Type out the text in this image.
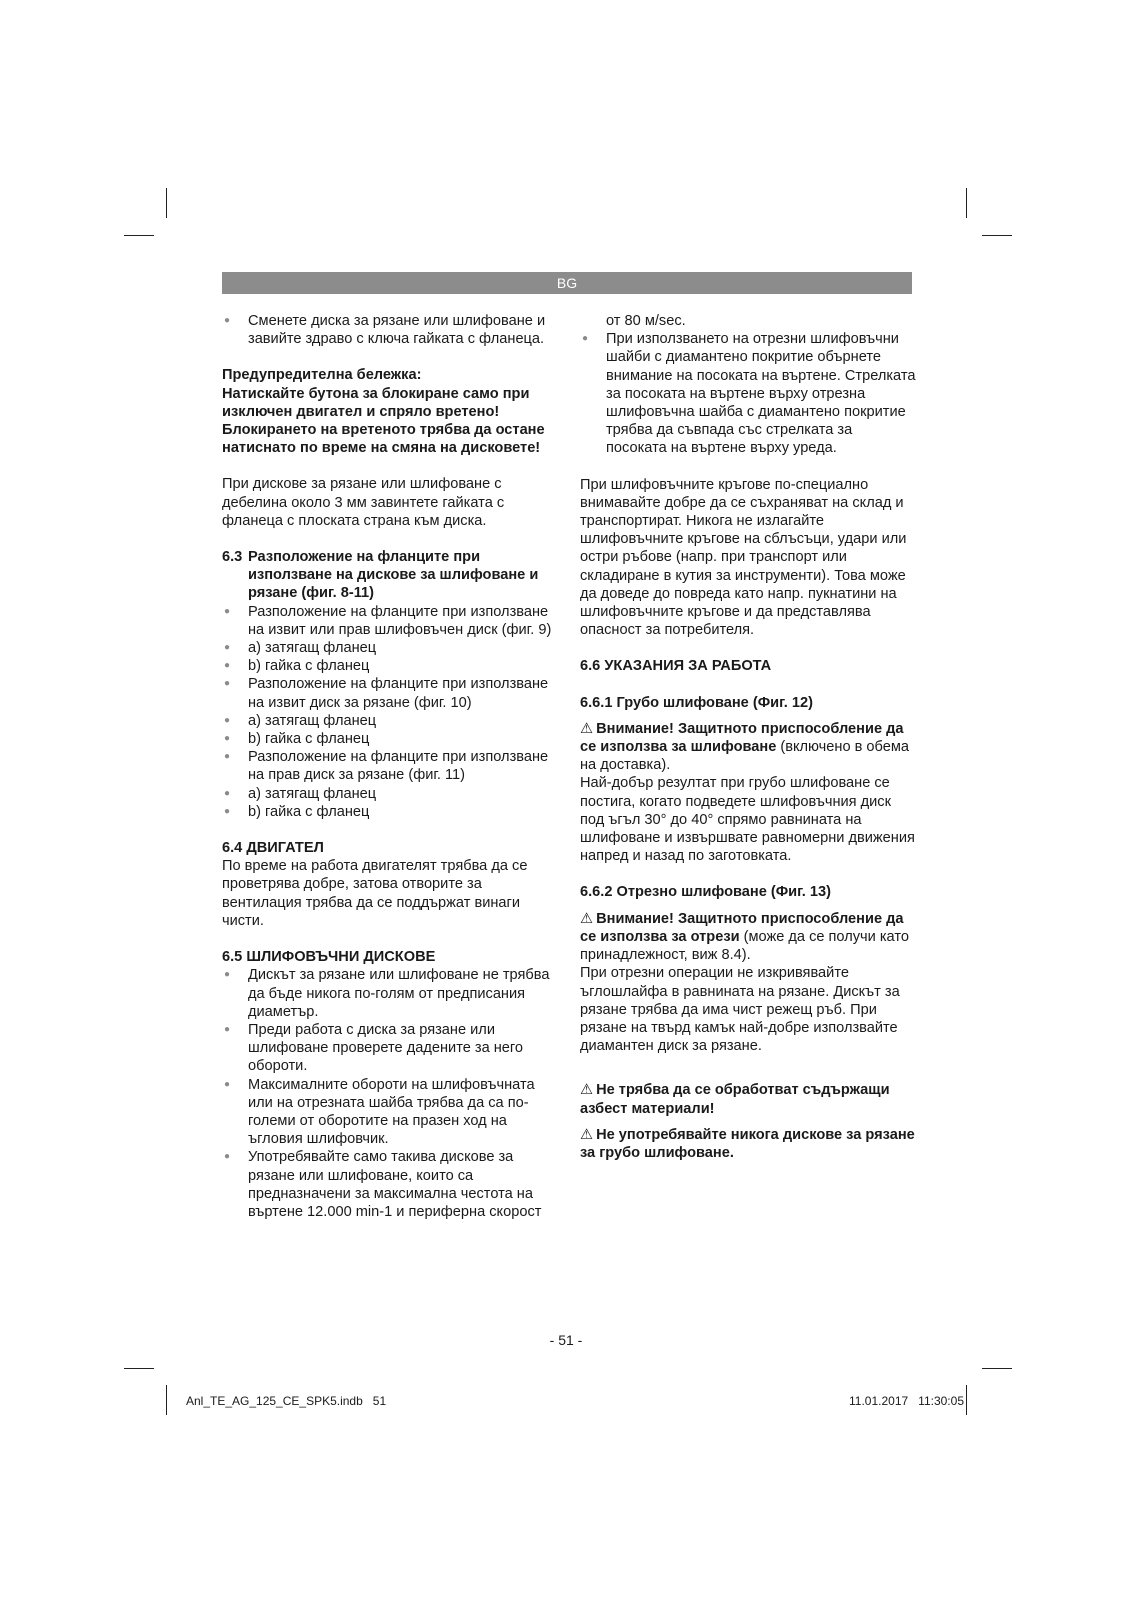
BG
● Сменете диска за рязане или шлифоване и завийте здраво с ключа гайката с фланеца.

Предупредителна бележка:

Натискайте бутона за блокиране само при изключен двигател и спряло вретено! Блокирането на вретеното трябва да остане натиснато по време на смяна на дисковете!

При дискове за рязане или шлифоване с дебелина около 3 мм завинтете гайката с фланеца с плоската страна към диска.

6.3 Разположение на фланците при използване на дискове за шлифоване и рязане (фиг. 8-11)
● Разположение на фланците при използване на извит или прав шлифовъчен диск (фиг. 9)
● a) затягащ фланец
● b) гайка с фланец
● Разположение на фланците при използване на извит диск за рязане (фиг. 10)
● a) затягащ фланец
● b) гайка с фланец
● Разположение на фланците при използване на прав диск за рязане (фиг. 11)
● a) затягащ фланец
● b) гайка с фланец

6.4 ДВИГАТЕЛ

По време на работа двигателят трябва да се проветрява добре, затова отворите за вентилация трябва да се поддържат винаги чисти.

6.5 ШЛИФОВЪЧНИ ДИСКОВЕ

● Дискът за рязане или шлифоване не трябва да бъде никога по-голям от предписания диаметър.
● Преди работа с диска за рязане или шлифоване проверете дадените за него обороти.
● Максималните обороти на шлифовъчната или на отрезната шайба трябва да са по-големи от оборотите на празен ход на ъгловия шлифовчик.
● Употребявайте само такива дискове за рязане или шлифоване, които са предназначени за максимална честота на въртене 12.000 min-1 и периферна скорост

от 80 м/sec.

● При използването на отрезни шлифовъчни шайби с диамантено покритие обърнете внимание на посоката на въртене. Стрелката за посоката на въртене върху отрезна шлифовъчна шайба с диамантено покритие трябва да съвпада със стрелката за посоката на въртене върху уреда.

При шлифовъчните кръгове по-специално внимавайте добре да се съхраняват на склад и транспортират. Никога не излагайте шлифовъчните кръгове на сблъсъци, удари или остри ръбове (напр. при транспорт или складиране в кутия за инструменти). Това може да доведе до повреда като напр. пукнатини на шлифовъчните кръгове и да представлява опасност за потребителя.

6.6 УКАЗАНИЯ ЗА РАБОТА

6.6.1 Грубо шлифоване (Фиг. 12)

⚠ Внимание! Защитното приспособление да се използва за шлифоване (включено в обема на доставка).

Най-добър резултат при грубо шлифоване се постига, когато подведете шлифовъчния диск под ъгъл 30° до 40° спрямо равнината на шлифоване и извършвате равномерни движения напред и назад по заготовката.

6.6.2 Отрезно шлифоване (Фиг. 13)

⚠ Внимание! Защитното приспособление да се използва за отрези (може да се получи като принадлежност, виж 8.4).

При отрезни операции не изкривявайте ъглошлайфа в равнината на рязане. Дискът за рязане трябва да има чист режещ ръб. При рязане на твърд камък най-добре използвайте диамантен диск за рязане.

⚠ Не трябва да се обработват съдържащи азбест материали!

⚠ Не употребявайте никога дискове за рязане за грубо шлифоване.

- 51 -
Anl_TE_AG_125_CE_SPK5.indb   51	11.01.2017   11:30:05
